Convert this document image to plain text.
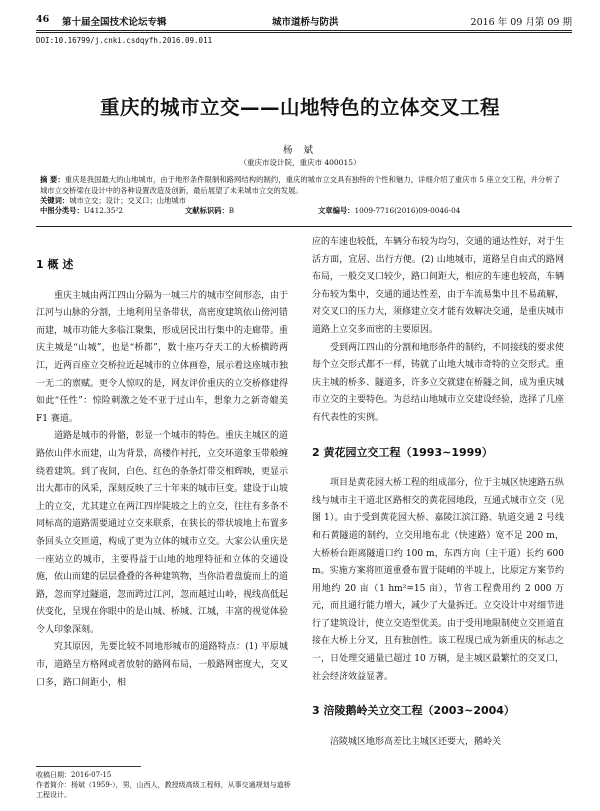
46 第十届全国技术论坛专辑	城市道桥与防洪	2016 年 09 月第 09 期
DOI:10.16799/j.cnki.csdqyfh.2016.09.011
重庆的城市立交——山地特色的立体交叉工程
杨 斌
（重庆市设计院，重庆市 400015）
摘 要：重庆是我国最大的山地城市，由于地形条件限制和路网结构的制约，重庆的城市立交具有独特的个性和魅力，详细介绍了重庆市 5 座立交工程，并分析了城市立交桥梁在设计中的各种设置改造及创新，最后展望了未来城市立交的发展。
关键词：城市立交；设计；交叉口；山地城市
中图分类号：U412.35²2	文献标识码：B	文章编号：1009-7716(2016)09-0046-04
1 概 述

重庆主城由两江四山分隔为一城三片的城市空间形态，由于江河与山脉的分割，土地利用呈条带状，高密度建筑依山傍河错而建，城市功能大多临江聚集，形成居民出行集中的走廊带。重庆主城是“山城”，也是“桥都”，数十座巧夺天工的大桥横跨两江，近两百座立交桥拉近起城市的立体画卷，展示着这座城市独一无二的禀赋。更令人惊叹的是，网友评价重庆的立交桥修建得如此“任性”：惊险刺激之处不亚于过山车，想象力之新奇媲美 F1 赛道。

道路是城市的骨骼，彰显一个城市的特色。重庆主城区的道路依山伴水而建，山为背景，高楼作衬托，立交环道象玉带般缠绕着建筑。到了夜间，白色、红色的条条灯带交相辉映，更显示出大都市的风采，深刻反映了三十年来的城市巨变。建设于山坡上的立交，尤其建立在两江四岸陡坡之上的立交，往往有多条不同标高的道路需要通过立交来联系，在狭长的带状坡地上布置多条回头立交匝道，构成了更为立体的城市立交。大家公认重庆是一座站立的城市，主要得益于山地的地理特征和立体的交通设施，依山而建的层层叠叠的各种建筑物，当你沿着盘旋而上的道路，忽而穿过隧道，忽而跨过江河，忽而越过山岭，视线高低起伏变化，呈现在你眼中的是山城、桥城、江城，丰富的视觉体验令人印象深刻。

究其原因，先要比较不同地形城市的道路特点：(1) 平原城市，道路呈方格网或者放射的路网布局，一般路网密度大，交叉口多，路口间距小，相

应的车速也较低，车辆分布较为均匀，交通的通达性好，对于生活方面，宜居、出行方便。(2) 山地城市，道路呈自由式的路网布局，一般交叉口较少，路口间距大，相应的车速也较高，车辆分布较为集中，交通的通达性差，由于车流易集中且不易疏解，对交叉口的压力大，须修建立交才能有效解决交通，是重庆城市道路上立交多而密的主要原因。

受到两江四山的分割和地形条件的制约，不同接线的要求使每个立交形式都不一样，铸就了山地大城市奇特的立交形式。重庆主城的桥多、隧道多，许多立交就建在桥隧之间，成为重庆城市立交的主要特色。为总结山地城市立交建设经验，选择了几座有代表性的实例。

2 黄花园立交工程（1993~1999）

项目是黄花园大桥工程的组成部分，位于主城区快速路五纵线与城市主干道北区路相交的黄花园地段，互通式城市立交（见图 1）。由于受到黄花园大桥、嘉陵江滨江路、轨道交通 2 号线和石黄隧道的制约，立交用地布北（快速路）宽不足 200 m，大桥桥台距离隧道口约 100 m，东西方向（主干道）长约 600 m。实施方案将匝道重叠布置于陡峭的半坡上，比原定方案节约用地约 20 亩（1 hm²=15 亩），节省工程费用约 2 000 万元，而且通行能力增大，减少了大量拆迁。立交设计中对细节进行了建筑设计，使立交造型优美。由于受用地限制使立交匝道直接在大桥上分叉，且有独创性。该工程现已成为新重庆的标志之一，日处理交通量已超过 10 万辆，是主城区最繁忙的交叉口，社会经济效益显著。

3 涪陵鹅岭关立交工程（2003~2004）

涪陵城区地形高差比主城区还要大，鹅岭关

收稿日期：2016-07-15
作者简介：杨斌（1959-），男，山西人，教授级高级工程师，从事交通规划与道桥工程设计。
